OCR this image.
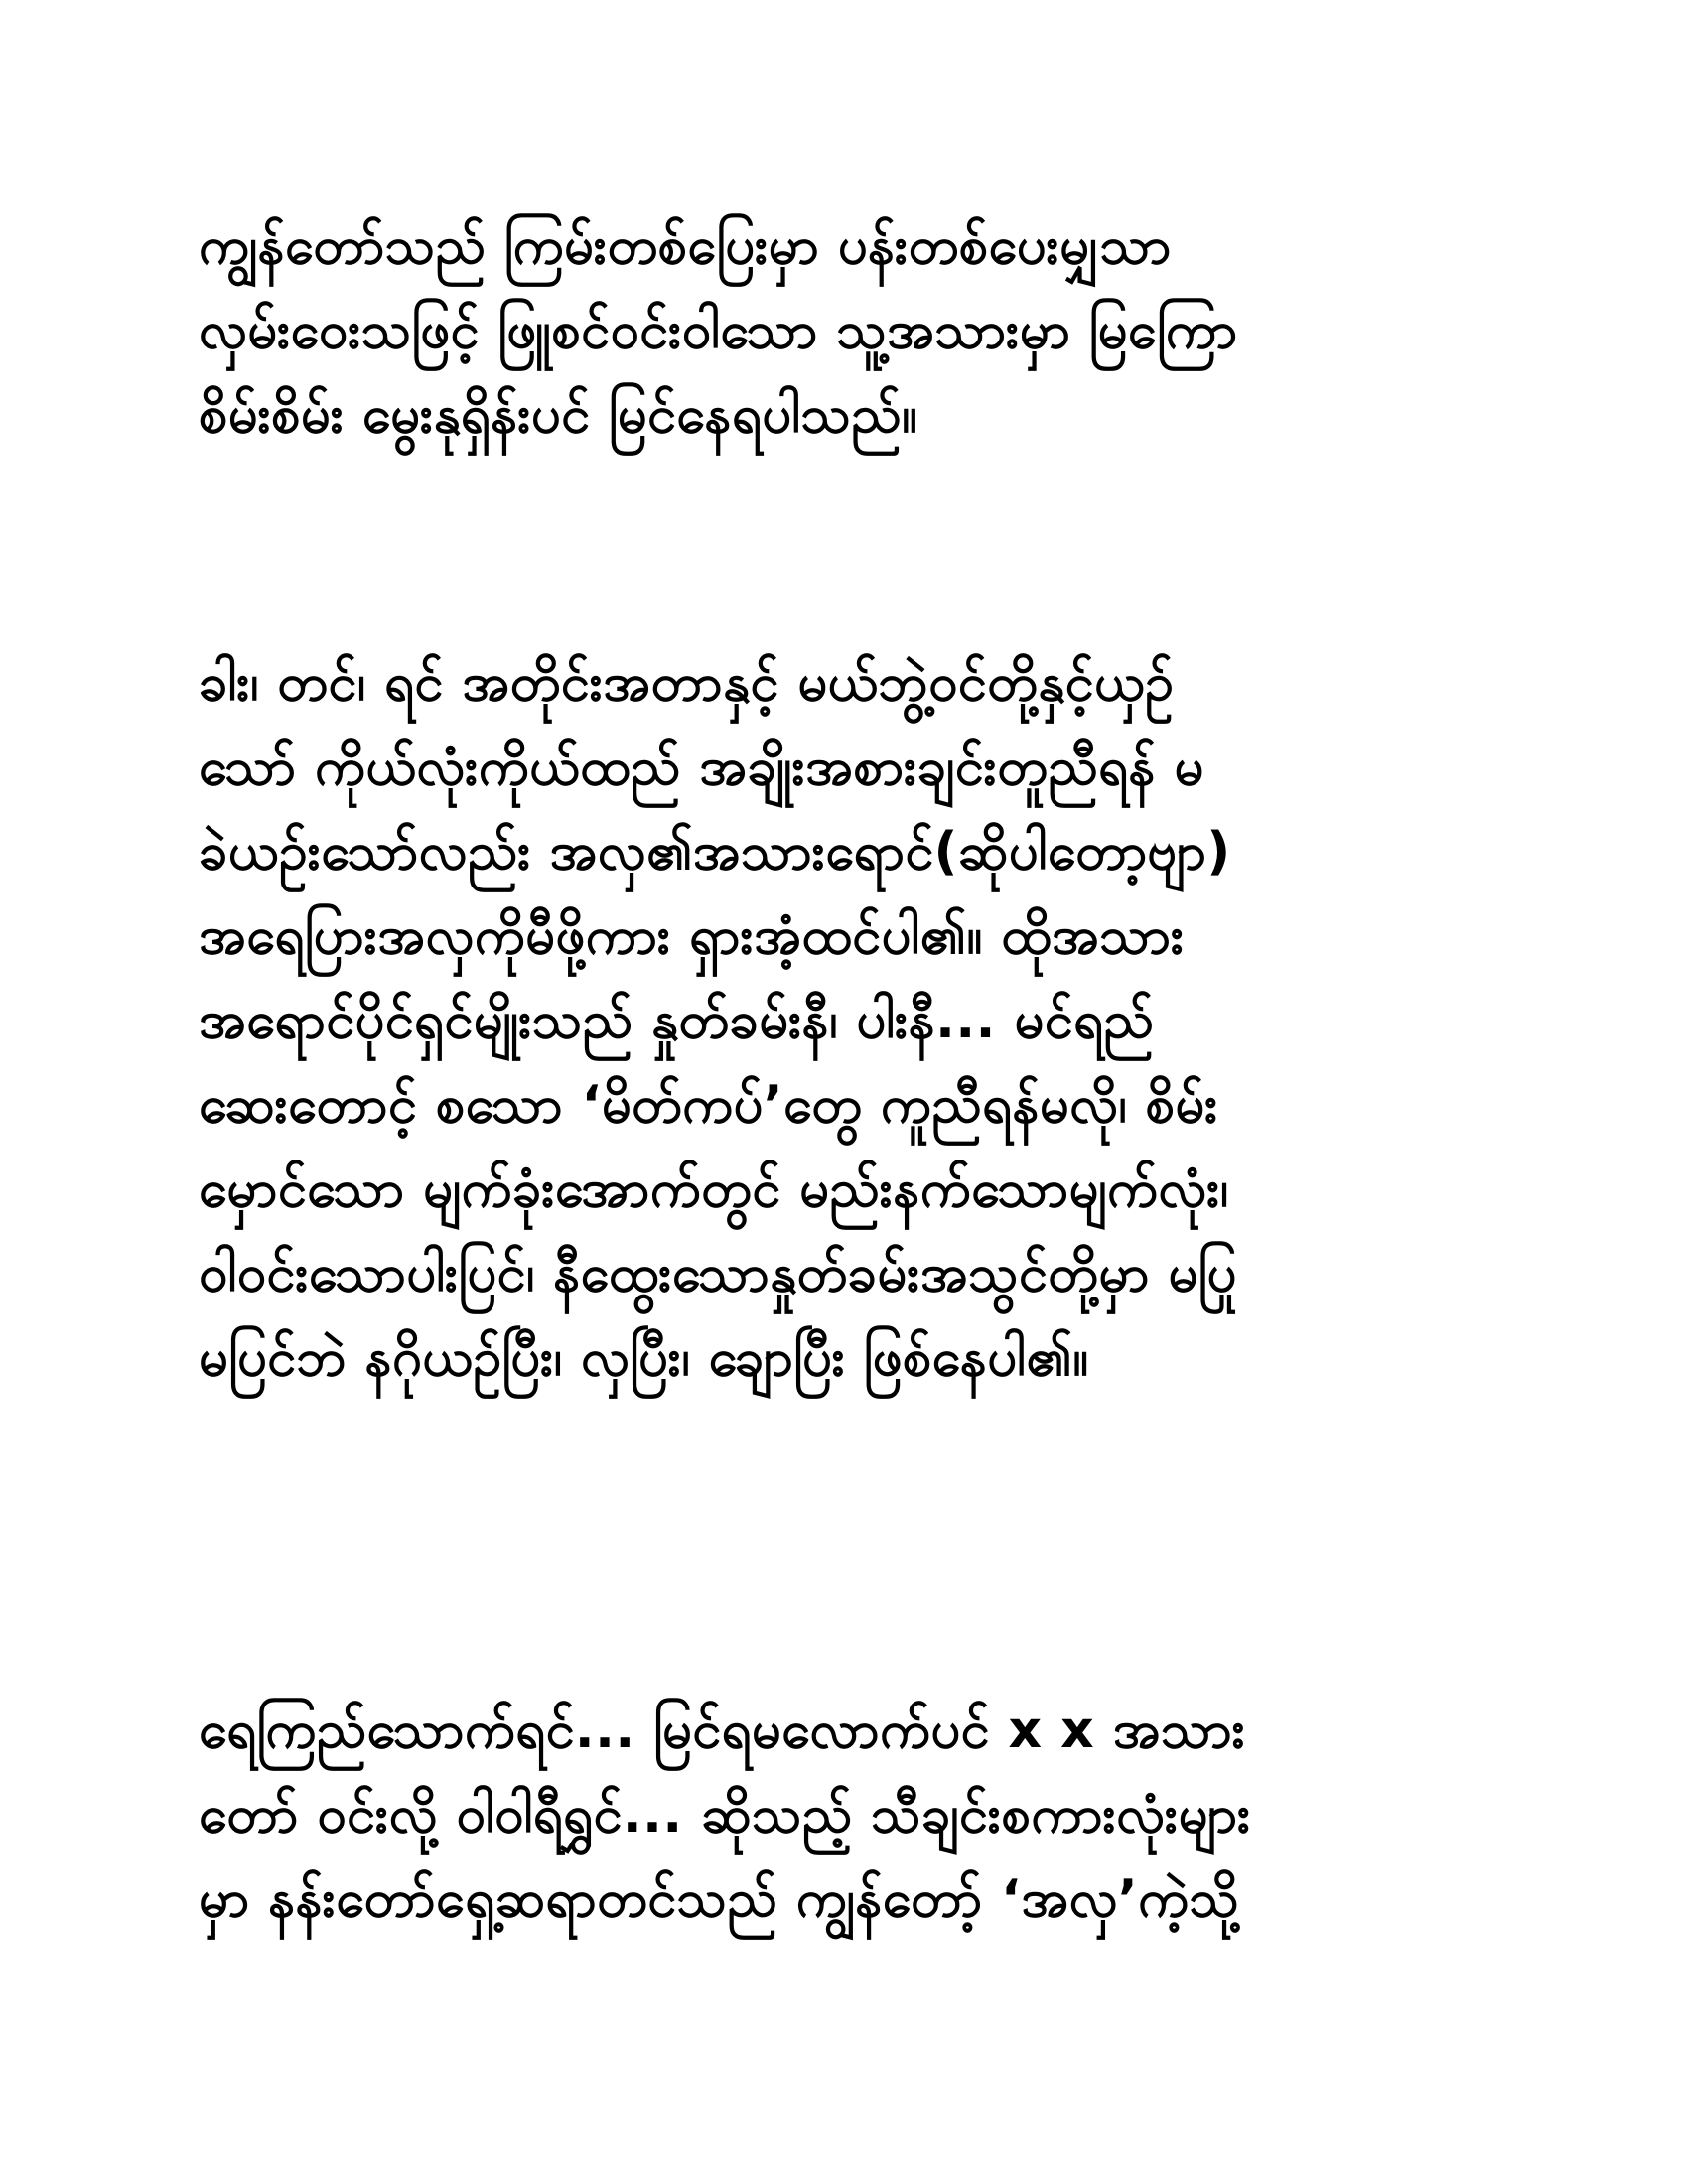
ကျွန်တော်သည် ကြမ်းတစ်ပြေးမှာ ပန်းတစ်ပေးမျှသာ
လှမ်းဝေးသဖြင့် ဖြူစင်ဝင်းဝါသော သူ့အသားမှာ မြကြော
စိမ်းစိမ်း မွေးနုရှိန်းပင် မြင်နေရပါသည်။
ခါး၊ တင်၊ ရင် အတိုင်းအတာနှင့် မယ်ဘွဲ့ဝင်တို့နှင့်ယှဉ်
သော် ကိုယ်လုံးကိုယ်ထည် အချိုးအစားချင်းတူညီရန် မ
ခဲယဉ်းသော်လည်း အလှ၏အသားရောင်(ဆိုပါတော့ဗျာ)
အရေပြားအလှကိုမီဖို့ကား ရှားအံ့ထင်ပါ၏။ ထိုအသား
အရောင်ပိုင်ရှင်မျိုးသည် နှုတ်ခမ်းနီ၊ ပါးနီ... မင်ရည်
ဆေးတောင့် စသော ‘မိတ်ကပ်’တွေ ကူညီရန်မလို၊ စိမ်း
မှောင်သော မျက်ခုံးအောက်တွင် မည်းနက်သောမျက်လုံး၊
ဝါဝင်းသောပါးပြင်၊ နီထွေးသောနှုတ်ခမ်းအသွင်တို့မှာ မပြု
မပြင်ဘဲ နဂိုယဉ်ပြီး၊ လှပြီး၊ ချောပြီး ဖြစ်နေပါ၏။
ရေကြည်သောက်ရင်... မြင်ရမလောက်ပင် x x အသား
တော် ဝင်းလို့ ဝါဝါရီရွှင်... ဆိုသည့် သီချင်းစကားလုံးများ
မှာ နန်းတော်ရှေ့ဆရာတင်သည် ကျွန်တော့် ‘အလှ’ကဲ့သို့
